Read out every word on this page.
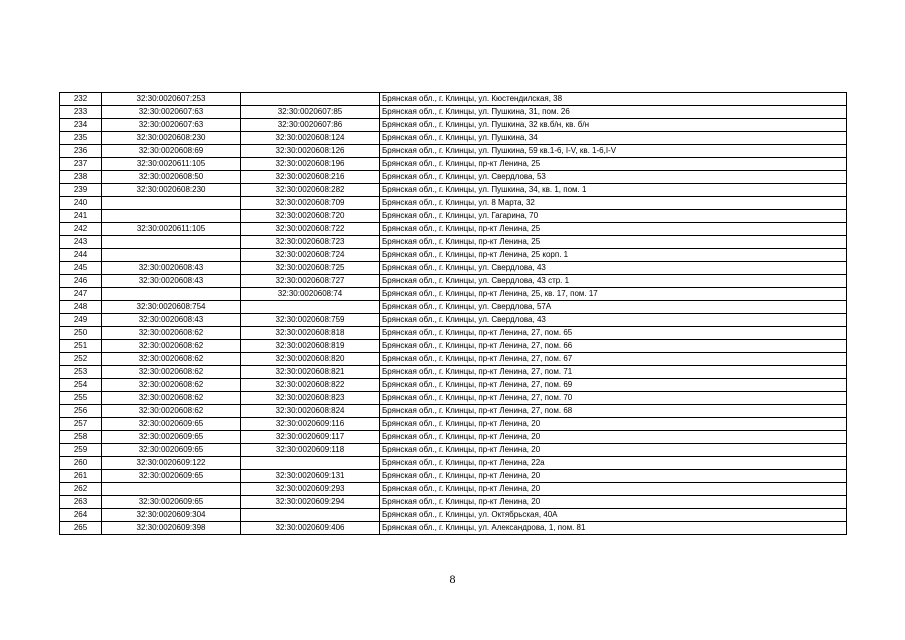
232	32:30:0020607:253		Брянская обл., г. Клинцы, ул. Кюстендилская, 38
233	32:30:0020607:63	32:30:0020607:85	Брянская обл., г. Клинцы, ул. Пушкина, 31, пом. 26
234	32:30:0020607:63	32:30:0020607:86	Брянская обл., г. Клинцы, ул. Пушкина, 32 кв.б/н, кв. б/н
235	32:30:0020608:230	32:30:0020608:124	Брянская обл., г. Клинцы, ул. Пушкина, 34
236	32:30:0020608:69	32:30:0020608:126	Брянская обл., г. Клинцы, ул. Пушкина, 59 кв.1-6, I-V, кв. 1-6,I-V
237	32:30:0020611:105	32:30:0020608:196	Брянская обл., г. Клинцы, пр-кт Ленина, 25
238	32:30:0020608:50	32:30:0020608:216	Брянская обл., г. Клинцы, ул. Свердлова, 53
239	32:30:0020608:230	32:30:0020608:282	Брянская обл., г. Клинцы, ул. Пушкина, 34, кв. 1, пом. 1
240		32:30:0020608:709	Брянская обл., г. Клинцы, ул. 8 Марта, 32
241		32:30:0020608:720	Брянская обл., г. Клинцы, ул. Гагарина, 70
242	32:30:0020611:105	32:30:0020608:722	Брянская обл., г. Клинцы, пр-кт Ленина, 25
243		32:30:0020608:723	Брянская обл., г. Клинцы, пр-кт Ленина, 25
244		32:30:0020608:724	Брянская обл., г. Клинцы, пр-кт Ленина, 25 корп. 1
245	32:30:0020608:43	32:30:0020608:725	Брянская обл., г. Клинцы, ул. Свердлова, 43
246	32:30:0020608:43	32:30:0020608:727	Брянская обл., г. Клинцы, ул. Свердлова, 43 стр. 1
247		32:30:0020608:74	Брянская обл., г. Клинцы, пр-кт Ленина, 25, кв. 17, пом. 17
248	32:30:0020608:754		Брянская обл., г. Клинцы, ул. Свердлова, 57А
249	32:30:0020608:43	32:30:0020608:759	Брянская обл., г. Клинцы, ул. Свердлова, 43
250	32:30:0020608:62	32:30:0020608:818	Брянская обл., г. Клинцы, пр-кт Ленина, 27, пом. 65
251	32:30:0020608:62	32:30:0020608:819	Брянская обл., г. Клинцы, пр-кт Ленина, 27, пом. 66
252	32:30:0020608:62	32:30:0020608:820	Брянская обл., г. Клинцы, пр-кт Ленина, 27, пом. 67
253	32:30:0020608:62	32:30:0020608:821	Брянская обл., г. Клинцы, пр-кт Ленина, 27, пом. 71
254	32:30:0020608:62	32:30:0020608:822	Брянская обл., г. Клинцы, пр-кт Ленина, 27, пом. 69
255	32:30:0020608:62	32:30:0020608:823	Брянская обл., г. Клинцы, пр-кт Ленина, 27, пом. 70
256	32:30:0020608:62	32:30:0020608:824	Брянская обл., г. Клинцы, пр-кт Ленина, 27, пом. 68
257	32:30:0020609:65	32:30:0020609:116	Брянская обл., г. Клинцы, пр-кт Ленина, 20
258	32:30:0020609:65	32:30:0020609:117	Брянская обл., г. Клинцы, пр-кт Ленина, 20
259	32:30:0020609:65	32:30:0020609:118	Брянская обл., г. Клинцы, пр-кт Ленина, 20
260	32:30:0020609:122		Брянская обл., г. Клинцы, пр-кт Ленина, 22а
261	32:30:0020609:65	32:30:0020609:131	Брянская обл., г. Клинцы, пр-кт Ленина, 20
262		32:30:0020609:293	Брянская обл., г. Клинцы, пр-кт Ленина, 20
263	32:30:0020609:65	32:30:0020609:294	Брянская обл., г. Клинцы, пр-кт Ленина, 20
264	32:30:0020609:304		Брянская обл., г. Клинцы, ул. Октябрьская, 40А
265	32:30:0020609:398	32:30:0020609:406	Брянская обл., г. Клинцы, ул. Александрова, 1, пом. 81
8
